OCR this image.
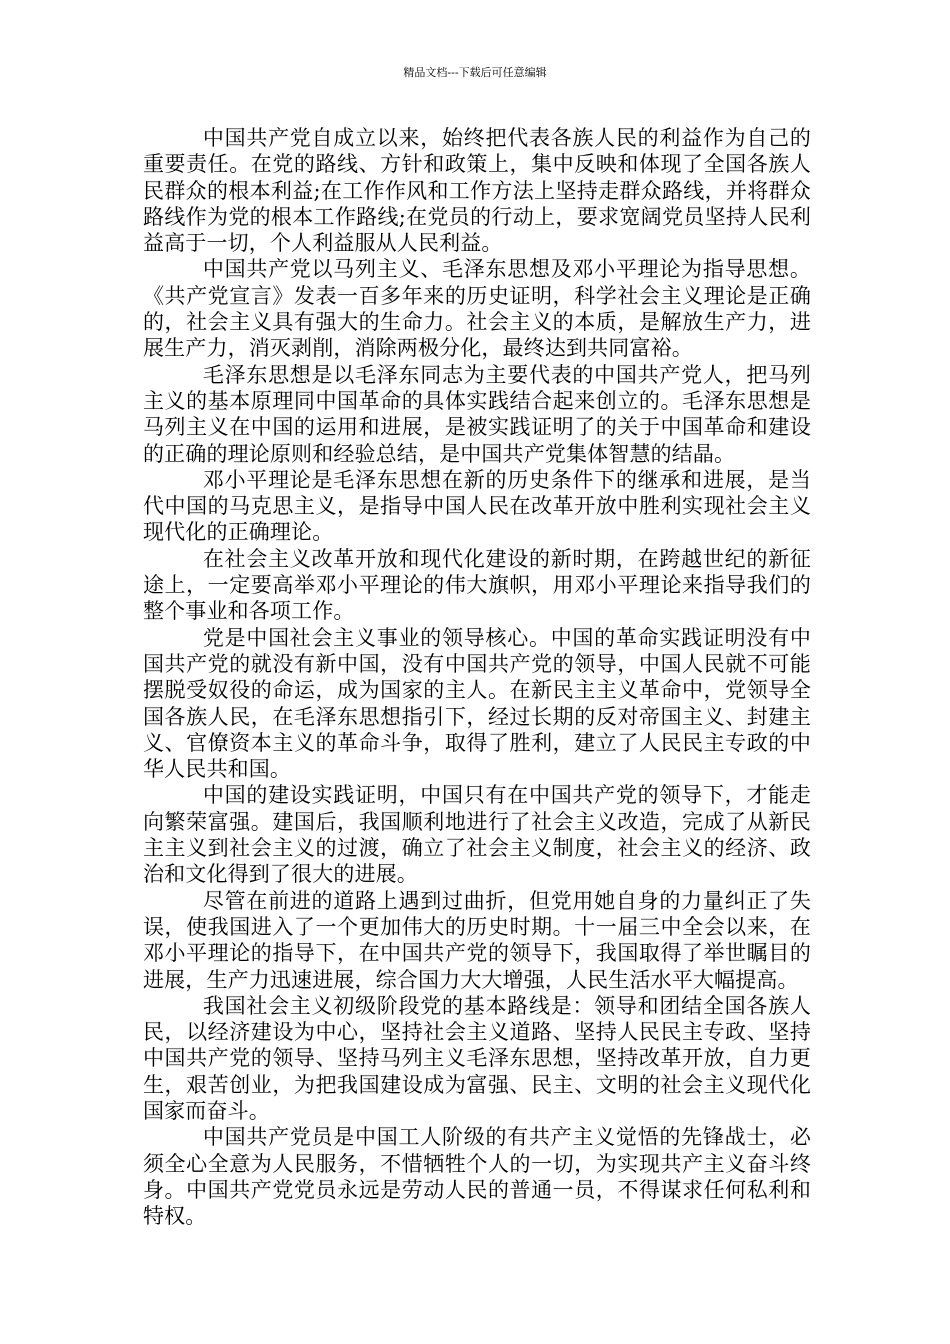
精品文档---下载后可任意编辑

中国共产党自成立以来，始终把代表各族人民的利益作为自己的重要责任。在党的路线、方针和政策上，集中反映和体现了全国各族人民群众的根本利益;在工作作风和工作方法上坚持走群众路线，并将群众路线作为党的根本工作路线;在党员的行动上，要求宽阔党员坚持人民利益高于一切，个人利益服从人民利益。

中国共产党以马列主义、毛泽东思想及邓小平理论为指导思想。《共产党宣言》发表一百多年来的历史证明，科学社会主义理论是正确的，社会主义具有强大的生命力。社会主义的本质，是解放生产力，进展生产力，消灭剥削，消除两极分化，最终达到共同富裕。

毛泽东思想是以毛泽东同志为主要代表的中国共产党人，把马列主义的基本原理同中国革命的具体实践结合起来创立的。毛泽东思想是马列主义在中国的运用和进展，是被实践证明了的关于中国革命和建设的正确的理论原则和经验总结，是中国共产党集体智慧的结晶。

邓小平理论是毛泽东思想在新的历史条件下的继承和进展，是当代中国的马克思主义，是指导中国人民在改革开放中胜利实现社会主义现代化的正确理论。

在社会主义改革开放和现代化建设的新时期，在跨越世纪的新征途上，一定要高举邓小平理论的伟大旗帜，用邓小平理论来指导我们的整个事业和各项工作。

党是中国社会主义事业的领导核心。中国的革命实践证明没有中国共产党的就没有新中国，没有中国共产党的领导，中国人民就不可能摆脱受奴役的命运，成为国家的主人。在新民主主义革命中，党领导全国各族人民，在毛泽东思想指引下，经过长期的反对帝国主义、封建主义、官僚资本主义的革命斗争，取得了胜利，建立了人民民主专政的中华人民共和国。

中国的建设实践证明，中国只有在中国共产党的领导下，才能走向繁荣富强。建国后，我国顺利地进行了社会主义改造，完成了从新民主主义到社会主义的过渡，确立了社会主义制度，社会主义的经济、政治和文化得到了很大的进展。

尽管在前进的道路上遇到过曲折，但党用她自身的力量纠正了失误，使我国进入了一个更加伟大的历史时期。十一届三中全会以来，在邓小平理论的指导下，在中国共产党的领导下，我国取得了举世瞩目的进展，生产力迅速进展，综合国力大大增强，人民生活水平大幅提高。

我国社会主义初级阶段党的基本路线是：领导和团结全国各族人民，以经济建设为中心，坚持社会主义道路、坚持人民民主专政、坚持中国共产党的领导、坚持马列主义毛泽东思想，坚持改革开放，自力更生，艰苦创业，为把我国建设成为富强、民主、文明的社会主义现代化国家而奋斗。

中国共产党员是中国工人阶级的有共产主义觉悟的先锋战士，必须全心全意为人民服务，不惜牺牲个人的一切，为实现共产主义奋斗终身。中国共产党党员永远是劳动人民的普通一员，不得谋求任何私利和特权。
